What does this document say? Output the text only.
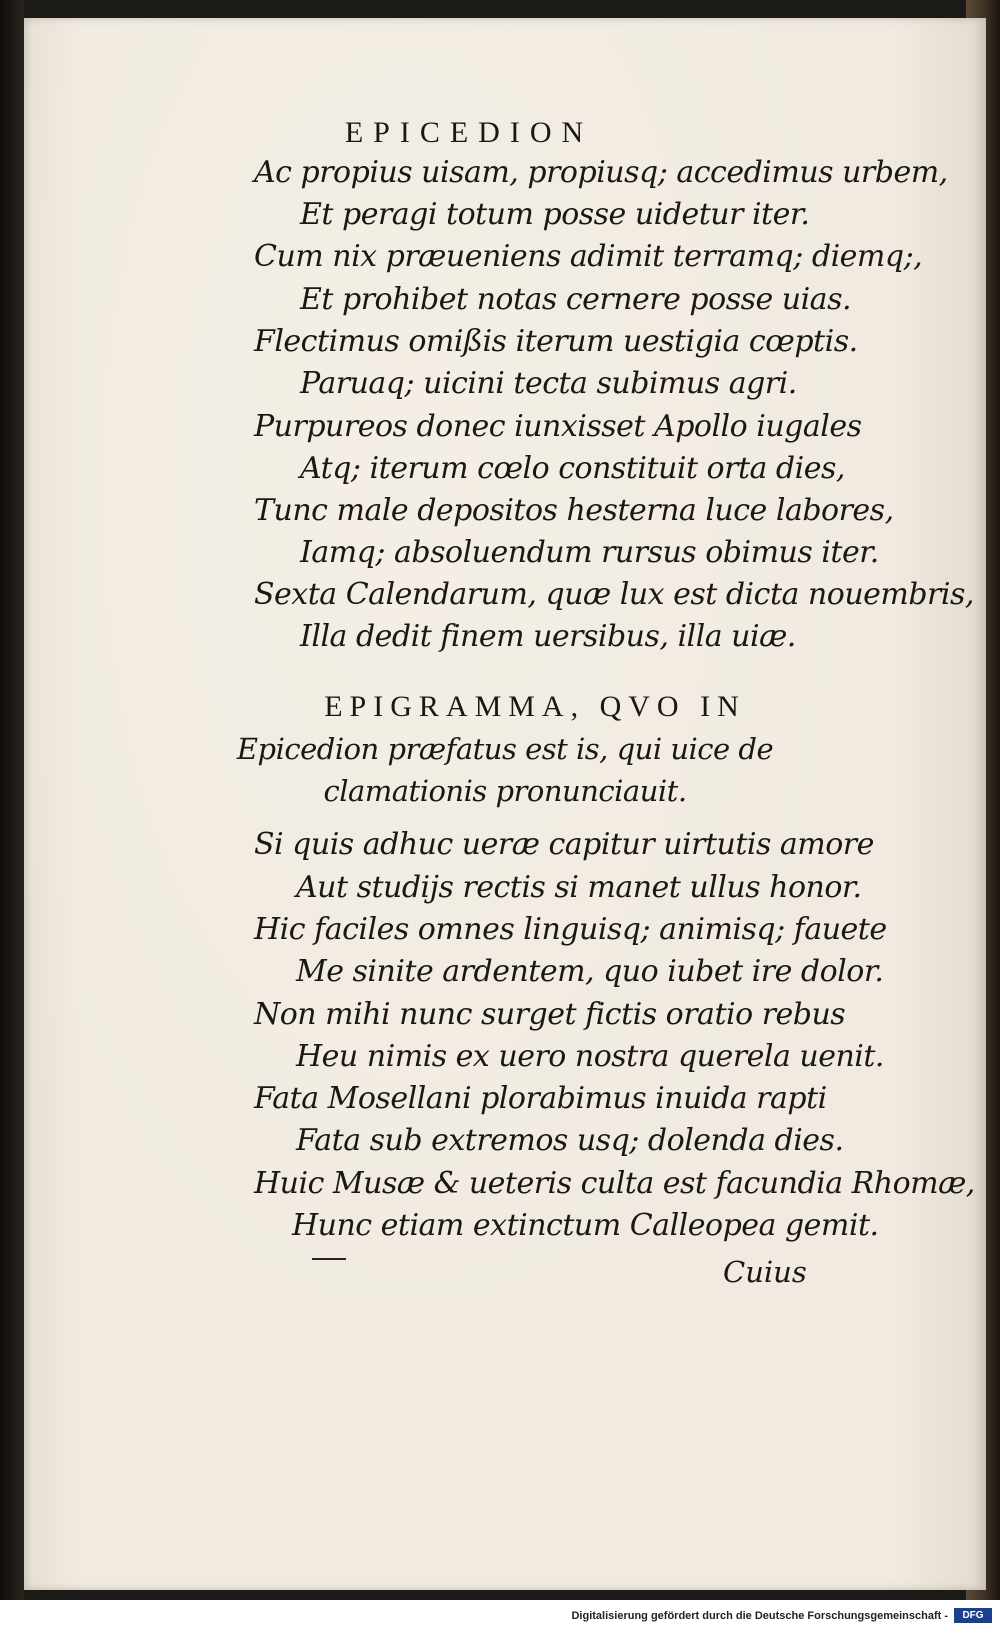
EPICEDION
Ac propius uisam, propiusq; accedimus urbem,
Et peragi totum posse uidetur iter.
Cum nix præueniens adimit terramq; diemq;,
Et prohibet notas cernere posse uias.
Flectimus omißis iterum uestigia cœptis.
Paruaq; uicini tecta subimus agri.
Purpureos donec iunxisset Apollo iugales
Atq; iterum cœlo constituit orta dies,
Tunc male depositos hesterna luce labores,
Iamq; absoluendum rursus obimus iter.
Sexta Calendarum, quæ lux est dicta nouembris,
Illa dedit finem uersibus, illa uiæ.
EPIGRAMMA, QVO IN
Epicedion præfatus est is, qui uice de
clamationis pronunciauit.
Si quis adhuc ueræ capitur uirtutis amore
Aut studijs rectis si manet ullus honor.
Hic faciles omnes linguisq; animisq; fauete
Me sinite ardentem, quo iubet ire dolor.
Non mihi nunc surget fictis oratio rebus
Heu nimis ex uero nostra querela uenit.
Fata Mosellani plorabimus inuida rapti
Fata sub extremos usq; dolenda dies.
Huic Musæ & ueteris culta est facundia Rhomæ,
Hunc etiam extinctum Calleopea gemit.
Cuius
Digitalisierung gefördert durch die Deutsche Forschungsgemeinschaft -	DFG
